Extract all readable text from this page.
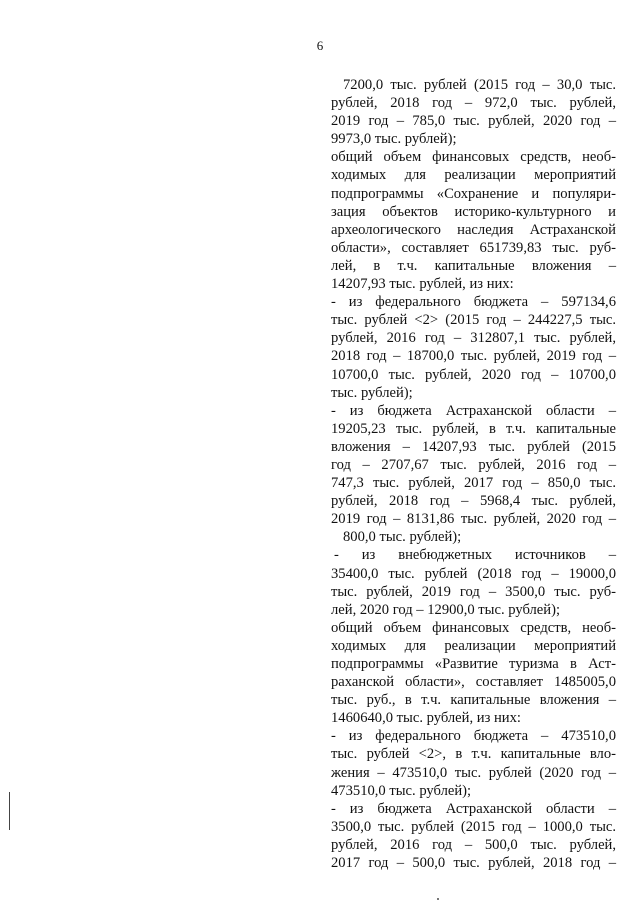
6
7200,0 тыс. рублей (2015 год – 30,0 тыс.
рублей, 2018 год – 972,0 тыс. рублей,
2019 год – 785,0 тыс. рублей, 2020 год –
9973,0 тыс. рублей);
общий объем финансовых средств, необ-
ходимых для реализации мероприятий
подпрограммы «Сохранение и популяри-
зация объектов историко-культурного и
археологического наследия Астраханской
области», составляет 651739,83 тыс. руб-
лей, в т.ч. капитальные вложения –
14207,93 тыс. рублей, из них:
- из федерального бюджета – 597134,6
тыс. рублей <2> (2015 год – 244227,5 тыс.
рублей, 2016 год – 312807,1 тыс. рублей,
2018 год – 18700,0 тыс. рублей, 2019 год –
10700,0 тыс. рублей, 2020 год – 10700,0
тыс. рублей);
- из бюджета Астраханской области –
19205,23 тыс. рублей, в т.ч. капитальные
вложения – 14207,93 тыс. рублей (2015
год – 2707,67 тыс. рублей, 2016 год –
747,3 тыс. рублей, 2017 год – 850,0 тыс.
рублей, 2018 год – 5968,4 тыс. рублей,
2019 год – 8131,86 тыс. рублей, 2020 год –
800,0 тыс. рублей);
- из внебюджетных источников –
35400,0 тыс. рублей (2018 год – 19000,0
тыс. рублей, 2019 год – 3500,0 тыс. руб-
лей, 2020 год – 12900,0 тыс. рублей);
общий объем финансовых средств, необ-
ходимых для реализации мероприятий
подпрограммы «Развитие туризма в Аст-
раханской области», составляет 1485005,0
тыс. руб., в т.ч. капитальные вложения –
1460640,0 тыс. рублей, из них:
- из федерального бюджета – 473510,0
тыс. рублей <2>, в т.ч. капитальные вло-
жения – 473510,0 тыс. рублей (2020 год –
473510,0 тыс. рублей);
- из бюджета Астраханской области –
3500,0 тыс. рублей (2015 год – 1000,0 тыс.
рублей, 2016 год – 500,0 тыс. рублей,
2017 год – 500,0 тыс. рублей, 2018 год –
